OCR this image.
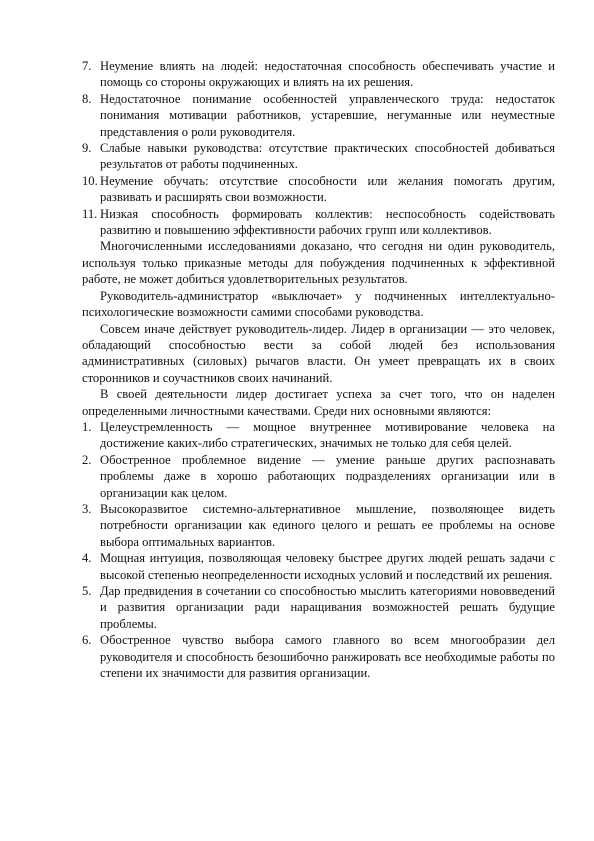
7. Неумение влиять на людей: недостаточная способность обеспечивать участие и помощь со стороны окружающих и влиять на их решения.
8. Недостаточное понимание особенностей управленческого труда: недостаток понимания мотивации работников, устаревшие, негуманные или неуместные представления о роли руководителя.
9. Слабые навыки руководства: отсутствие практических способностей добиваться результатов от работы подчиненных.
10. Неумение обучать: отсутствие способности или желания помогать другим, развивать и расширять свои возможности.
11. Низкая способность формировать коллектив: неспособность содействовать развитию и повышению эффективности рабочих групп или коллективов.

Многочисленными исследованиями доказано, что сегодня ни один руководитель, используя только приказные методы для побуждения подчиненных к эффективной работе, не может добиться удовлетворительных результатов.

Руководитель-администратор «выключает» у подчиненных интеллектуально-психологические возможности самими способами руководства.

Совсем иначе действует руководитель-лидер. Лидер в организации — это человек, обладающий способностью вести за собой людей без использования административных (силовых) рычагов власти. Он умеет превращать их в своих сторонников и соучастников своих начинаний.

В своей деятельности лидер достигает успеха за счет того, что он наделен определенными личностными качествами. Среди них основными являются:

1. Целеустремленность — мощное внутреннее мотивирование человека на достижение каких-либо стратегических, значимых не только для себя целей.
2. Обостренное проблемное видение — умение раньше других распознавать проблемы даже в хорошо работающих подразделениях организации или в организации как целом.
3. Высокоразвитое системно-альтернативное мышление, позволяющее видеть потребности организации как единого целого и решать ее проблемы на основе выбора оптимальных вариантов.
4. Мощная интуиция, позволяющая человеку быстрее других людей решать задачи с высокой степенью неопределенности исходных условий и последствий их решения.
5. Дар предвидения в сочетании со способностью мыслить категориями нововведений и развития организации ради наращивания возможностей решать будущие проблемы.
6. Обостренное чувство выбора самого главного во всем многообразии дел руководителя и способность безошибочно ранжировать все необходимые работы по степени их значимости для развития организации.
